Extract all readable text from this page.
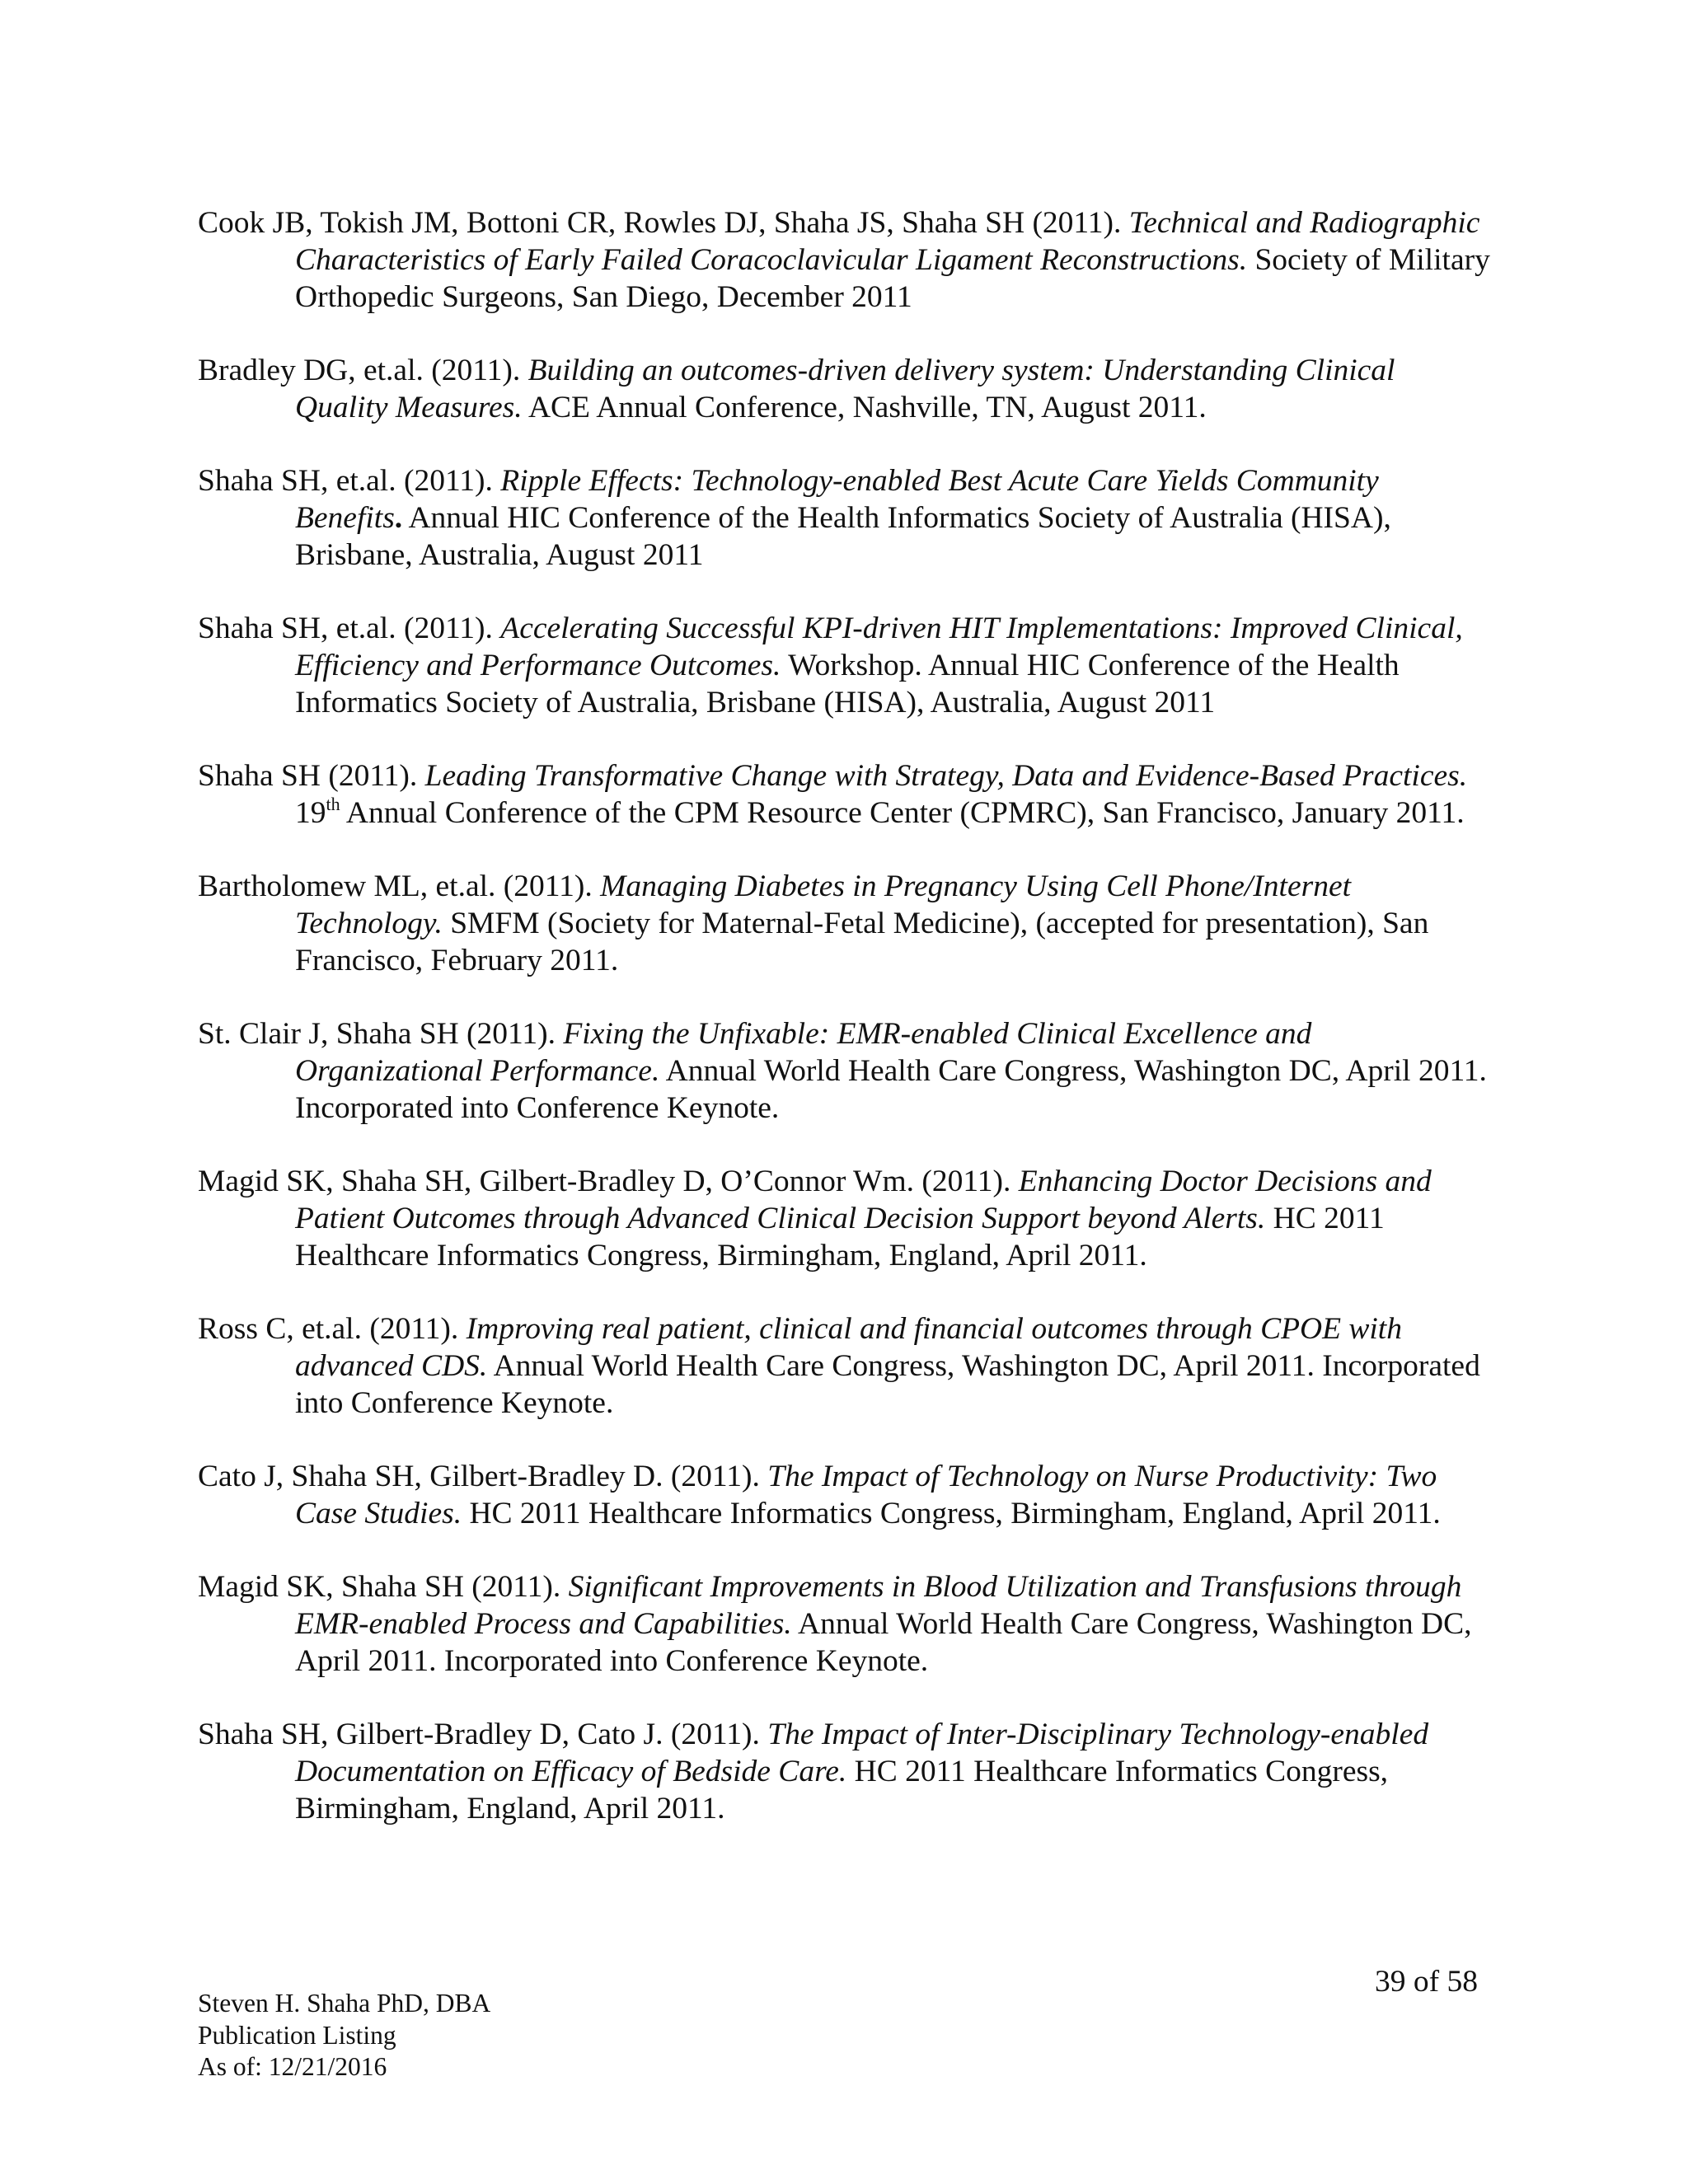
Cook JB, Tokish JM, Bottoni CR, Rowles DJ, Shaha JS, Shaha SH (2011). Technical and Radiographic Characteristics of Early Failed Coracoclavicular Ligament Reconstructions. Society of Military Orthopedic Surgeons, San Diego, December 2011

Bradley DG, et.al. (2011). Building an outcomes-driven delivery system: Understanding Clinical Quality Measures. ACE Annual Conference, Nashville, TN, August 2011.

Shaha SH, et.al. (2011). Ripple Effects: Technology-enabled Best Acute Care Yields Community Benefits. Annual HIC Conference of the Health Informatics Society of Australia (HISA), Brisbane, Australia, August 2011

Shaha SH, et.al. (2011). Accelerating Successful KPI-driven HIT Implementations: Improved Clinical, Efficiency and Performance Outcomes. Workshop. Annual HIC Conference of the Health Informatics Society of Australia, Brisbane (HISA), Australia, August 2011

Shaha SH (2011). Leading Transformative Change with Strategy, Data and Evidence-Based Practices. 19th Annual Conference of the CPM Resource Center (CPMRC), San Francisco, January 2011.

Bartholomew ML, et.al. (2011). Managing Diabetes in Pregnancy Using Cell Phone/Internet Technology. SMFM (Society for Maternal-Fetal Medicine), (accepted for presentation), San Francisco, February 2011.

St. Clair J, Shaha SH (2011). Fixing the Unfixable: EMR-enabled Clinical Excellence and Organizational Performance. Annual World Health Care Congress, Washington DC, April 2011. Incorporated into Conference Keynote.

Magid SK, Shaha SH, Gilbert-Bradley D, O’Connor Wm. (2011). Enhancing Doctor Decisions and Patient Outcomes through Advanced Clinical Decision Support beyond Alerts. HC 2011 Healthcare Informatics Congress, Birmingham, England, April 2011.

Ross C, et.al. (2011). Improving real patient, clinical and financial outcomes through CPOE with advanced CDS. Annual World Health Care Congress, Washington DC, April 2011. Incorporated into Conference Keynote.

Cato J, Shaha SH, Gilbert-Bradley D. (2011). The Impact of Technology on Nurse Productivity: Two Case Studies. HC 2011 Healthcare Informatics Congress, Birmingham, England, April 2011.

Magid SK, Shaha SH (2011). Significant Improvements in Blood Utilization and Transfusions through EMR-enabled Process and Capabilities. Annual World Health Care Congress, Washington DC, April 2011. Incorporated into Conference Keynote.

Shaha SH, Gilbert-Bradley D, Cato J. (2011). The Impact of Inter-Disciplinary Technology-enabled Documentation on Efficacy of Bedside Care. HC 2011 Healthcare Informatics Congress, Birmingham, England, April 2011.

39 of 58
Steven H. Shaha PhD, DBA
Publication Listing
As of: 12/21/2016
